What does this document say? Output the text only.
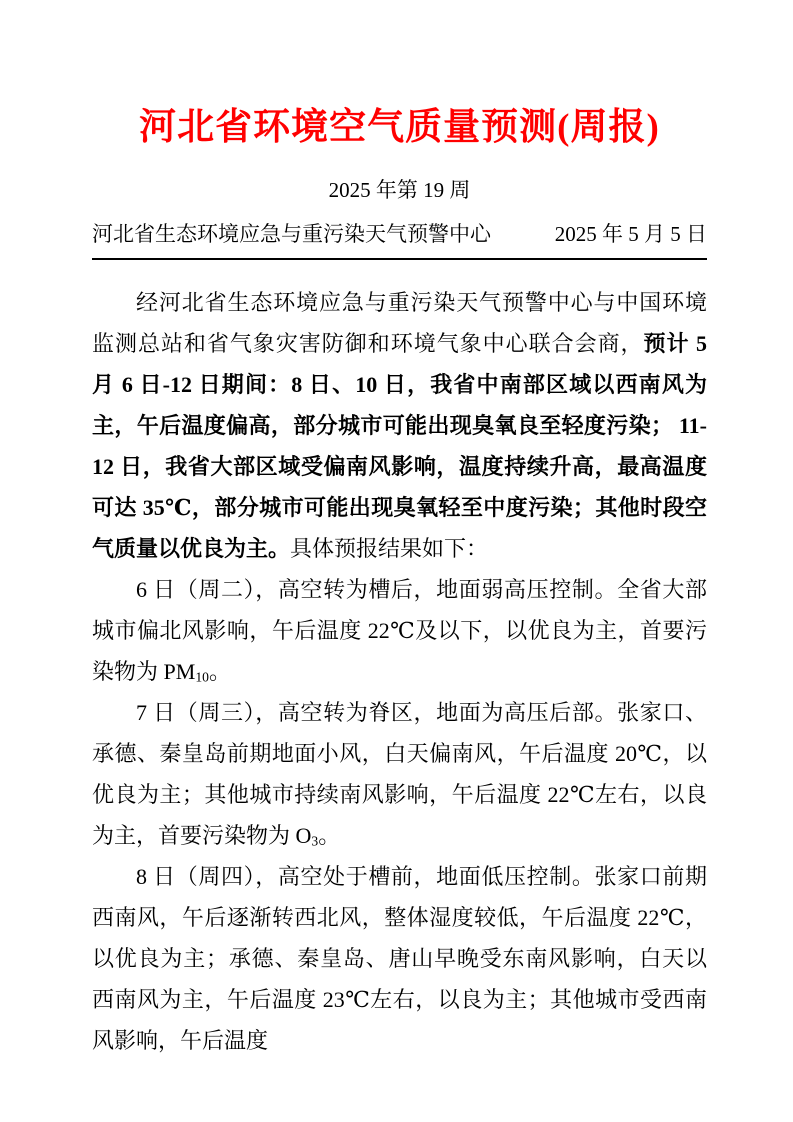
河北省环境空气质量预测(周报)
2025 年第 19 周
河北省生态环境应急与重污染天气预警中心	2025 年 5 月 5 日

经河北省生态环境应急与重污染天气预警中心与中国环境监测总站和省气象灾害防御和环境气象中心联合会商，预计 5 月 6 日-12 日期间：8 日、10 日，我省中南部区域以西南风为主，午后温度偏高，部分城市可能出现臭氧良至轻度污染； 11-12 日，我省大部区域受偏南风影响，温度持续升高，最高温度可达 35℃，部分城市可能出现臭氧轻至中度污染；其他时段空气质量以优良为主。具体预报结果如下：

6 日（周二），高空转为槽后，地面弱高压控制。全省大部城市偏北风影响，午后温度 22℃及以下，以优良为主，首要污染物为 $PM_{10}$。

7 日（周三），高空转为脊区，地面为高压后部。张家口、承德、秦皇岛前期地面小风，白天偏南风，午后温度 20℃，以优良为主；其他城市持续南风影响，午后温度 22℃左右，以良为主，首要污染物为 $O_3$。

8 日（周四），高空处于槽前，地面低压控制。张家口前期西南风，午后逐渐转西北风，整体湿度较低，午后温度 22℃，以优良为主；承德、秦皇岛、唐山早晚受东南风影响，白天以西南风为主，午后温度 23℃左右，以良为主；其他城市受西南风影响，午后温度
